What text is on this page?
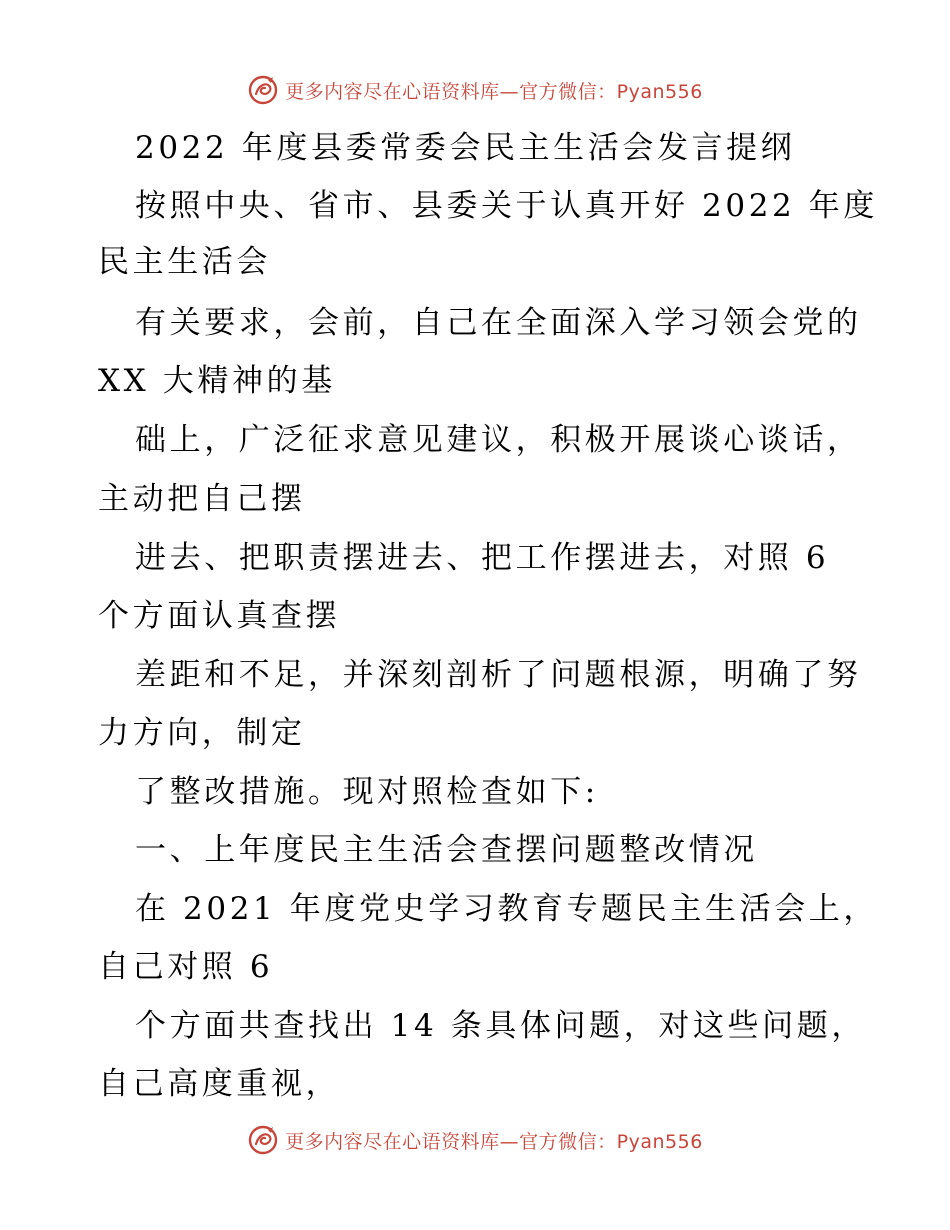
更多内容尽在心语资料库—官方微信：Pyan556
2022 年度县委常委会民主生活会发言提纲
按照中央、省市、县委关于认真开好 2022 年度
民主生活会
有关要求，会前，自己在全面深入学习领会党的
XX 大精神的基
础上，广泛征求意见建议，积极开展谈心谈话，
主动把自己摆
进去、把职责摆进去、把工作摆进去，对照 6
个方面认真查摆
差距和不足，并深刻剖析了问题根源，明确了努
力方向，制定
了整改措施。现对照检查如下:
一、上年度民主生活会查摆问题整改情况
在 2021 年度党史学习教育专题民主生活会上，
自己对照 6
个方面共查找出 14 条具体问题，对这些问题，
自己高度重视，
更多内容尽在心语资料库—官方微信：Pyan556
